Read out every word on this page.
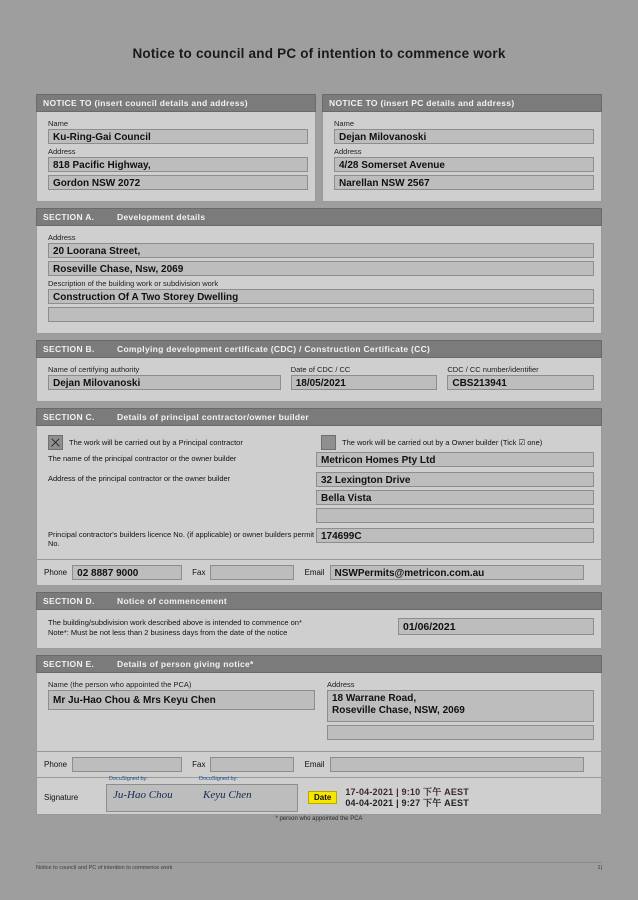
Notice to council and PC of intention to commence work
NOTICE TO (insert council details and address)
Name
Ku-Ring-Gai Council
Address
818 Pacific Highway,
Gordon NSW 2072
NOTICE TO (insert PC details and address)
Name
Dejan Milovanoski
Address
4/28 Somerset Avenue
Narellan NSW 2567
SECTION A.	Development details
Address
20 Loorana Street,
Roseville Chase, Nsw, 2069
Description of the building work or subdivision work
Construction Of A Two Storey Dwelling
SECTION B.	Complying development certificate (CDC) / Construction Certificate (CC)
Name of certifying authority
Dejan Milovanoski
Date of CDC / CC
18/05/2021
CDC / CC number/identifier
CBS213941
SECTION C.	Details of principal contractor/owner builder
The work will be carried out by a Principal contractor	The work will be carried out by a Owner builder (Tick ☑ one)
The name of the principal contractor or the owner builder	Metricon Homes Pty Ltd
Address of the principal contractor or the owner builder	32 Lexington Drive
Bella Vista
Principal contractor's builders licence No. (if applicable) or owner builders permit No.
174699C
Phone	02 8887 9000	Fax	Email	NSWPermits@metricon.com.au
SECTION D.	Notice of commencement
The building/subdivision work described above is intended to commence on*
Note*: Must be not less than 2 business days from the date of the notice	01/06/2021
SECTION E.	Details of person giving notice*
Name (the person who appointed the PCA)
Mr Ju-Hao Chou & Mrs Keyu Chen
Address
18 Warrane Road,
Roseville Chase, NSW, 2069
Phone	Fax	Email
Signature
DocuSigned by:	DocuSigned by:
Ju-Hao Chou	Keyu Chen	Date
17-04-2021 | 9:10 下午 AEST
04-04-2021 | 9:27 下午 AEST
* person who appointed the PCA
Notice to council and PC of intention to commence work	1|
